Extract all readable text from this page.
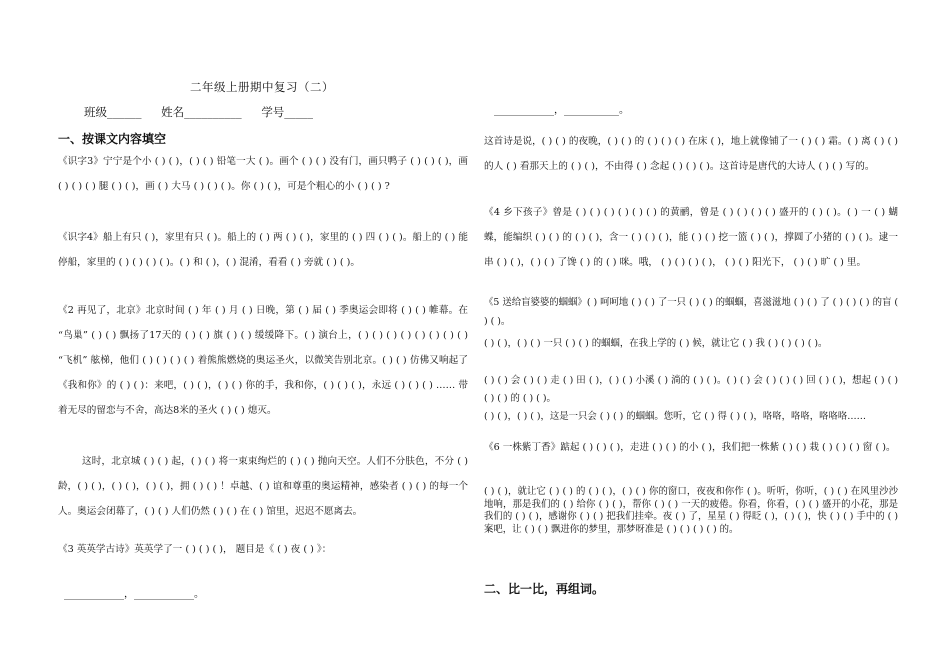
二年级上册期中复习（二）
班级______ 姓名__________ 学号_____
一、按课文内容填空
《识字3》宁宁是个小 ( ) ( )，( ) ( ) 铅笔一大 ( )。画个 ( ) ( ) 没有门，画只鸭子 ( ) ( ) ( )，画 ( ) ( ) ( ) 腿 ( ) ( )，画 ( ) 大马 ( ) ( ) ( )。你 ( ) ( )，可是个粗心的小 ( ) ( ) ?
《识字4》船上有只 ( )，家里有只 ( )。船上的 ( ) 两 ( ) ( )，家里的 ( ) 四 ( ) ( )。船上的 ( ) 能停船，家里的 ( ) ( ) ( ) ( )。( ) 和 ( )，( ) 混淆，看看 ( ) 旁就 ( ) ( )。
《2 再见了，北京》北京时间 ( ) 年 ( ) 月 ( ) 日晚，第 ( ) 届 ( ) 季奥运会即将 ( ) ( ) 帷幕。在 “鸟巢” ( ) ( ) 飘扬了17天的 ( ) ( ) 旗 ( ) ( ) 缓缓降下。( ) 演台上，( ) ( ) ( ) ( ) ( ) ( ) ( ) ( ) “飞机” 舷梯，他们 ( ) ( ) ( ) ( ) 着熊熊燃烧的奥运圣火，以微笑告别北京。( ) ( ) 仿佛又响起了《我和你》的 ( ) ( )：来吧，( ) ( )，( ) ( ) 你的手，我和你，( ) ( ) ( )，永远 ( ) ( ) ( ) …… 带着无尽的留恋与不舍，高达8米的圣火 ( ) ( ) 熄灭。
这时，北京城 ( ) ( ) 起，( ) ( ) 将一束束绚烂的 ( ) ( ) 抛向天空。人们不分肤色，不分 ( ) 龄，( ) ( )，( ) ( )，( ) ( )，拥 ( ) ( ) ！卓越、( ) 谊和尊重的奥运精神，感染者 ( ) ( ) 的每一个人。奥运会闭幕了，( ) ( ) 人们仍然 ( ) ( ) 在 ( ) 馆里，迟迟不愿离去。
《3 英英学古诗》英英学了一 ( ) ( ) ( )， 题目是《 ( ) 夜 ( ) 》：
____________，____________。
____________，___________。
这首诗是说，( ) ( ) 的夜晚，( ) ( ) 的 ( ) ( ) ( ) 在床 ( )，地上就像铺了一 ( ) ( ) 霜。( ) 离 ( ) ( ) 的人 ( ) 看那天上的 ( ) ( )，不由得 ( ) 念起 ( ) ( ) ( )。这首诗是唐代的大诗人 ( ) ( ) 写的。
《4 乡下孩子》曾是 ( ) ( ) ( ) ( ) ( ) ( ) 的黄鹂，曾是 ( ) ( ) ( ) ( ) 盛开的 ( ) ( )。( ) 一 ( ) 蝴蝶，能编织 ( ) ( ) 的 ( ) ( )，含一 ( ) ( ) ( )，能 ( ) ( ) 挖一篮 ( ) ( )，撑圆了小猪的 ( ) ( )。逮一串 ( ) ( )，( ) ( ) 了馋 ( ) 的 ( ) 咪。哦， ( ) ( ) ( ) ( )， ( ) ( ) 阳光下， ( ) ( ) 旷 ( ) 里。
《5 送给盲婆婆的蝈蝈》( ) 呵呵地 ( ) ( ) 了一只 ( ) ( ) 的蝈蝈，喜滋滋地 ( ) ( ) 了 ( ) ( ) ( ) 的盲 ( ) ( )。
( ) ( )，( ) ( ) 一只 ( ) ( ) 的蝈蝈，在我上学的 ( ) 候，就让它 ( ) 我 ( ) ( ) ( ) ( )。
( ) ( ) 会 ( ) ( ) 走 ( ) 田 ( )，( ) ( ) 小溪 ( ) 淌的 ( ) ( )。( ) ( ) 会 ( ) ( ) ( ) 回 ( ) ( )，想起 ( ) ( ) ( ) ( ) 的 ( ) ( )。
( ) ( )，( ) ( )，这是一只会 ( ) ( ) 的蝈蝈。您听，它 ( ) 得 ( ) ( )，咯咯，咯咯，咯咯咯……
《6 一株紫丁香》踮起 ( ) ( ) ( )，走进 ( ) ( ) 的小 ( )，我们把一株紫 ( ) ( ) 栽 ( ) ( ) ( ) 窗 ( )。
( ) ( )，就让它 ( ) ( ) 的 ( ) ( )，( ) ( ) 你的窗口，夜夜和你作 ( )。听听，你听，( ) ( ) 在风里沙沙地响，那是我们的 ( ) 给你 ( ) ( )，帮你 ( ) ( ) 一天的疲倦。你看，你看，( ) ( ) 盛开的小花，那是我们的 ( ) ( )，感谢你 ( ) ( ) 把我们挂牵。夜 ( ) 了，星星 ( ) 得眨 ( )，( ) ( )，快 ( ) ( ) 手中的 ( ) 案吧，让 ( ) ( ) 飘进你的梦里，那梦呀准是 ( ) ( ) ( ) ( ) 的。
二、比一比，再组词。
